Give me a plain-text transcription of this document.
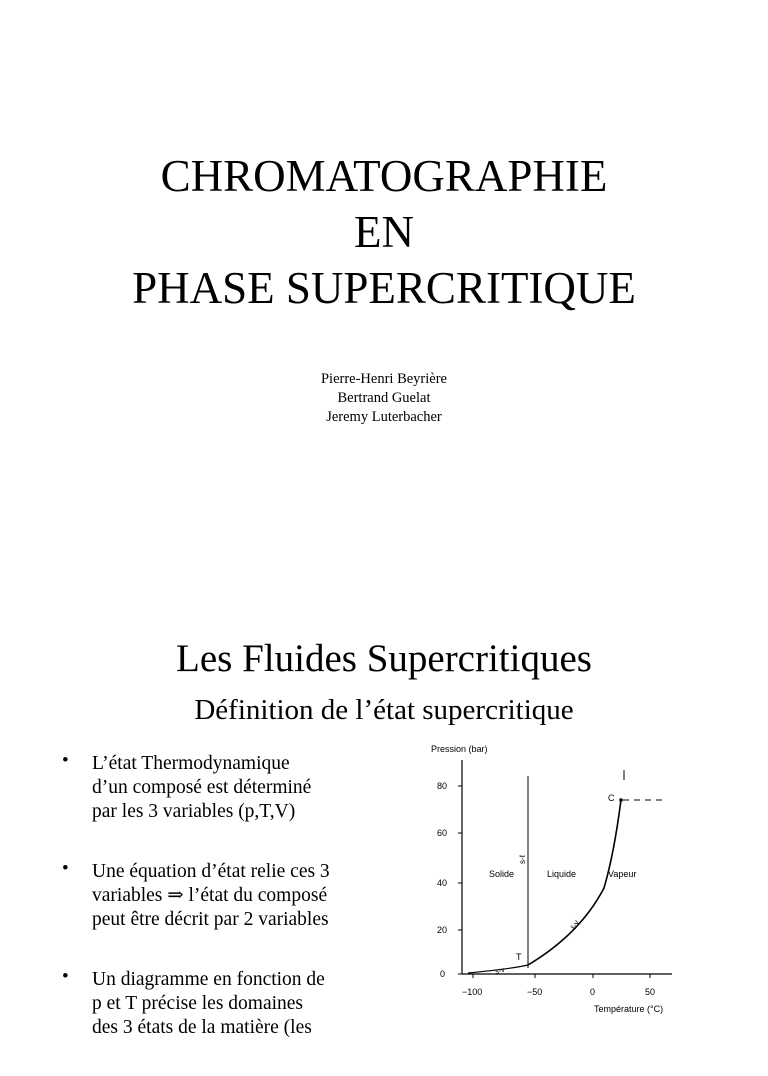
CHROMATOGRAPHIE
EN
PHASE SUPERCRITIQUE
Pierre-Henri Beyrière
Bertrand Guelat
Jeremy Luterbacher
Les Fluides Supercritiques
Définition de l’état supercritique
• L’état Thermodynamique
d’un composé est déterminé
par les 3 variables (p,T,V)
• Une équation d’état relie ces 3
variables ⇒ l’état du composé
peut être décrit par 2 variables
• Un diagramme en fonction de
p et T précise les domaines
des 3 états de la matière (les
Pression (bar)
Température (°C)
0
20
40
60
80
−100	−50	0	50
C
T
Solide	Liquide	Vapeur
s-ℓ
ℓ-v
s-v
